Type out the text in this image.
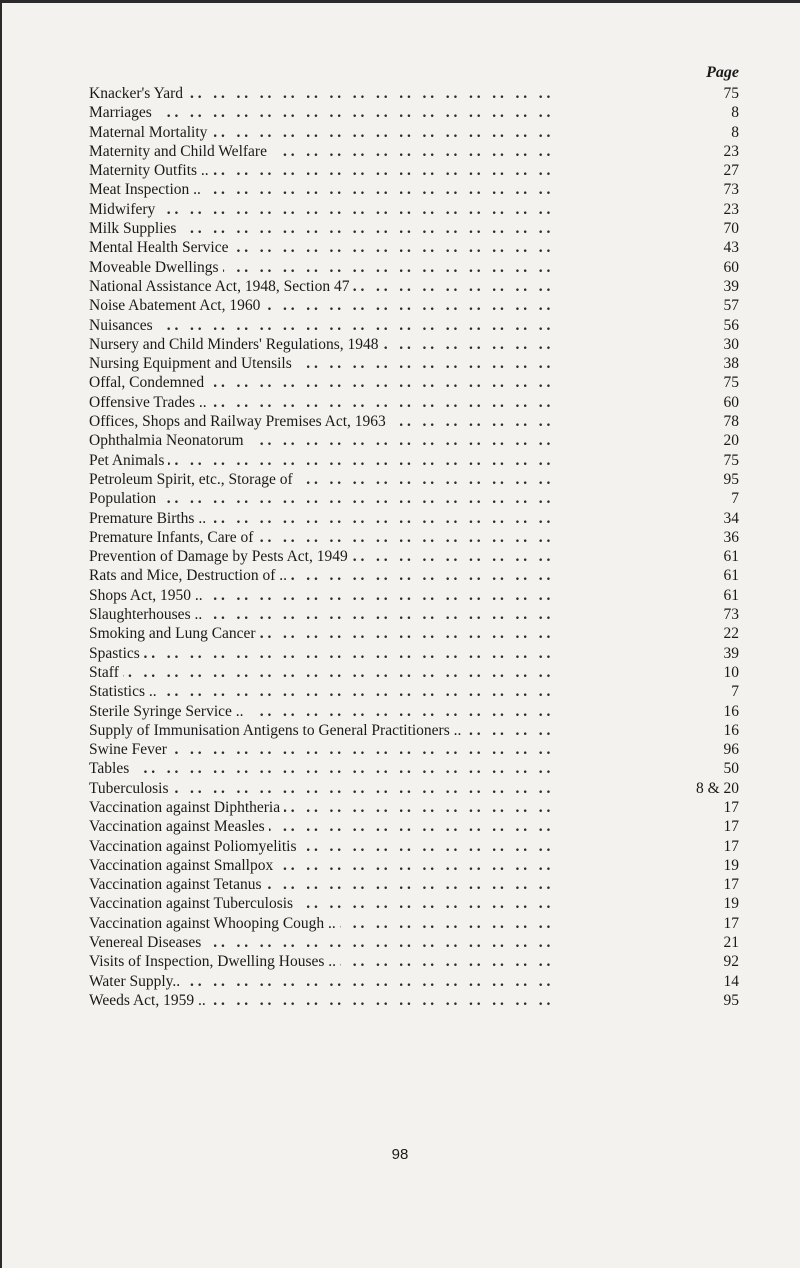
Page
. .
Knacker's Yard	75
. .
Marriages	8
. .
Maternal Mortality	8
. .
Maternity and Child Welfare	23
. .
Maternity Outfits ..	27
. .
Meat Inspection ..	73
. .
Midwifery	23
. .
Milk Supplies	70
. .
Mental Health Service	43
. .
Moveable Dwellings	60
. .
National Assistance Act, 1948, Section 47	39
. .
Noise Abatement Act, 1960	57
. .
Nuisances	56
. .
Nursery and Child Minders' Regulations, 1948	30
. .
Nursing Equipment and Utensils	38
. .
Offal, Condemned	75
. .
Offensive Trades ..	60
. .
Offices, Shops and Railway Premises Act, 1963	78
. .
Ophthalmia Neonatorum	20
. .
Pet Animals	75
. .
Petroleum Spirit, etc., Storage of	95
. .
Population	7
. .
Premature Births ..	34
. .
Premature Infants, Care of	36
. .
Prevention of Damage by Pests Act, 1949	61
. .
Rats and Mice, Destruction of ..	61
. .
Shops Act, 1950 ..	61
. .
Slaughterhouses ..	73
. .
Smoking and Lung Cancer	22
. .
Spastics	39
. .
Staff	10
. .
Statistics ..	7
. .
Sterile Syringe Service ..	16
. .
Supply of Immunisation Antigens to General Practitioners ..	16
. .
Swine Fever	96
. .
Tables	50
. .
Tuberculosis	8 & 20
. .
Vaccination against Diphtheria	17
. .
Vaccination against Measles	17
. .
Vaccination against Poliomyelitis	17
. .
Vaccination against Smallpox	19
. .
Vaccination against Tetanus	17
. .
Vaccination against Tuberculosis	19
. .
Vaccination against Whooping Cough ..	17
. .
Venereal Diseases	21
. .
Visits of Inspection, Dwelling Houses ..	92
. .
Water Supply..	14
. .
Weeds Act, 1959 ..	95
98
